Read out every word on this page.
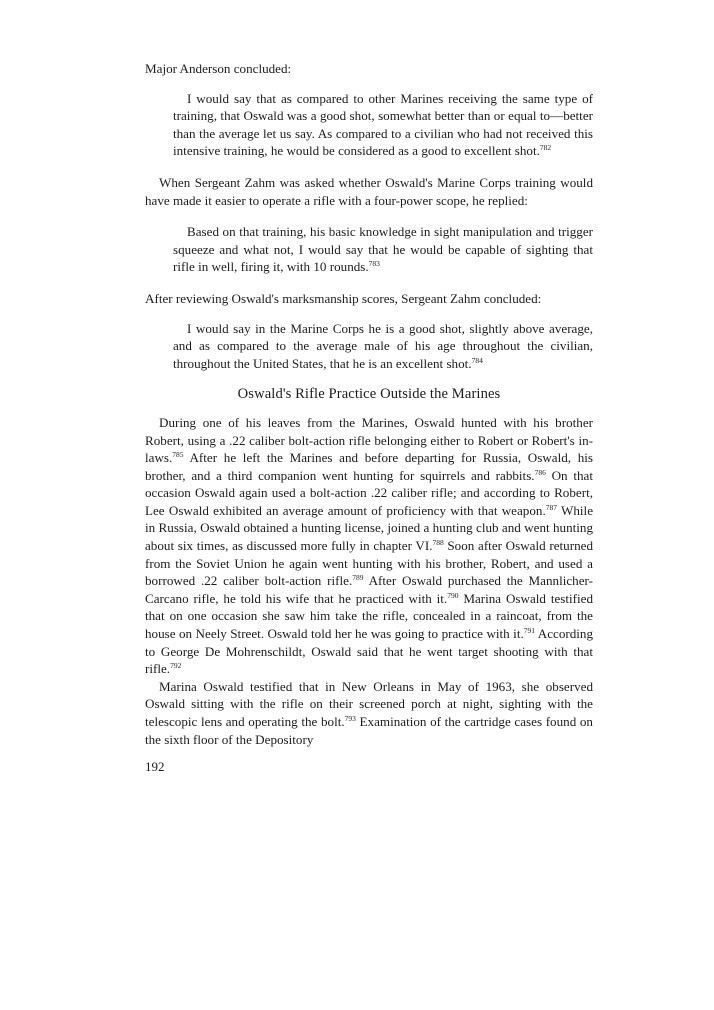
Major Anderson concluded:

I would say that as compared to other Marines receiving the same type of training, that Oswald was a good shot, somewhat better than or equal to—better than the average let us say. As compared to a civilian who had not received this intensive training, he would be considered as a good to excellent shot.$^{782}$

When Sergeant Zahm was asked whether Oswald's Marine Corps training would have made it easier to operate a rifle with a four-power scope, he replied:

Based on that training, his basic knowledge in sight manipulation and trigger squeeze and what not, I would say that he would be capable of sighting that rifle in well, firing it, with 10 rounds.$^{783}$

After reviewing Oswald's marksmanship scores, Sergeant Zahm concluded:

I would say in the Marine Corps he is a good shot, slightly above average, and as compared to the average male of his age throughout the civilian, throughout the United States, that he is an excellent shot.$^{784}$

Oswald's Rifle Practice Outside the Marines

During one of his leaves from the Marines, Oswald hunted with his brother Robert, using a .22 caliber bolt-action rifle belonging either to Robert or Robert's in-laws.$^{785}$ After he left the Marines and before departing for Russia, Oswald, his brother, and a third companion went hunting for squirrels and rabbits.$^{786}$ On that occasion Oswald again used a bolt-action .22 caliber rifle; and according to Robert, Lee Oswald exhibited an average amount of proficiency with that weapon.$^{787}$ While in Russia, Oswald obtained a hunting license, joined a hunting club and went hunting about six times, as discussed more fully in chapter VI.$^{788}$ Soon after Oswald returned from the Soviet Union he again went hunting with his brother, Robert, and used a borrowed .22 caliber bolt-action rifle.$^{789}$ After Oswald purchased the Mannlicher-Carcano rifle, he told his wife that he practiced with it.$^{790}$ Marina Oswald testified that on one occasion she saw him take the rifle, concealed in a raincoat, from the house on Neely Street. Oswald told her he was going to practice with it.$^{791}$ According to George De Mohrenschildt, Oswald said that he went target shooting with that rifle.$^{792}$

Marina Oswald testified that in New Orleans in May of 1963, she observed Oswald sitting with the rifle on their screened porch at night, sighting with the telescopic lens and operating the bolt.$^{793}$ Examination of the cartridge cases found on the sixth floor of the Depository

192
